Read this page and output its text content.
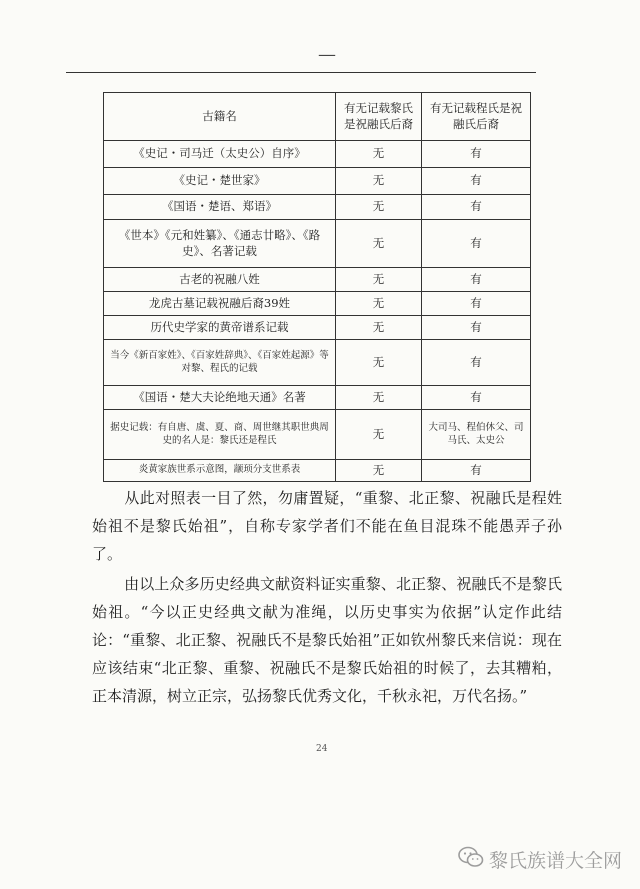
—
古籍名	有无记载黎氏是祝融氏后裔	有无记载程氏是祝融氏后裔
《史记・司马迁（太史公）自序》	无	有
《史记・楚世家》	无	有
《国语・楚语、郑语》	无	有
《世本》《元和姓纂》、《通志廿略》、《路史》、名著记载	无	有
古老的祝融八姓	无	有
龙虎古墓记载祝融后裔39姓	无	有
历代史学家的黄帝谱系记载	无	有
当今《新百家姓》、《百家姓辞典》、《百家姓起源》等对黎、程氏的记载	无	有
《国语・楚大夫论绝地天通》名著	无	有
据史记载：有自唐、虞、夏、商、周世继其职世典周史的名人是：黎氏还是程氏	无	大司马、程伯休父、司马氏、太史公
炎黄家族世系示意图，颛顼分支世系表	无	有
从此对照表一目了然，勿庸置疑，“重黎、北正黎、祝融氏是程姓始祖不是黎氏始祖”，自称专家学者们不能在鱼目混珠不能愚弄子孙了。
由以上众多历史经典文献资料证实重黎、北正黎、祝融氏不是黎氏始祖。“今以正史经典文献为准绳，以历史事实为依据”认定作此结论：“重黎、北正黎、祝融氏不是黎氏始祖”正如钦州黎氏来信说：现在应该结束“北正黎、重黎、祝融氏不是黎氏始祖的时候了，去其糟粕，正本清源，树立正宗，弘扬黎氏优秀文化，千秋永祀，万代名扬。”
24
黎氏族谱大全网
